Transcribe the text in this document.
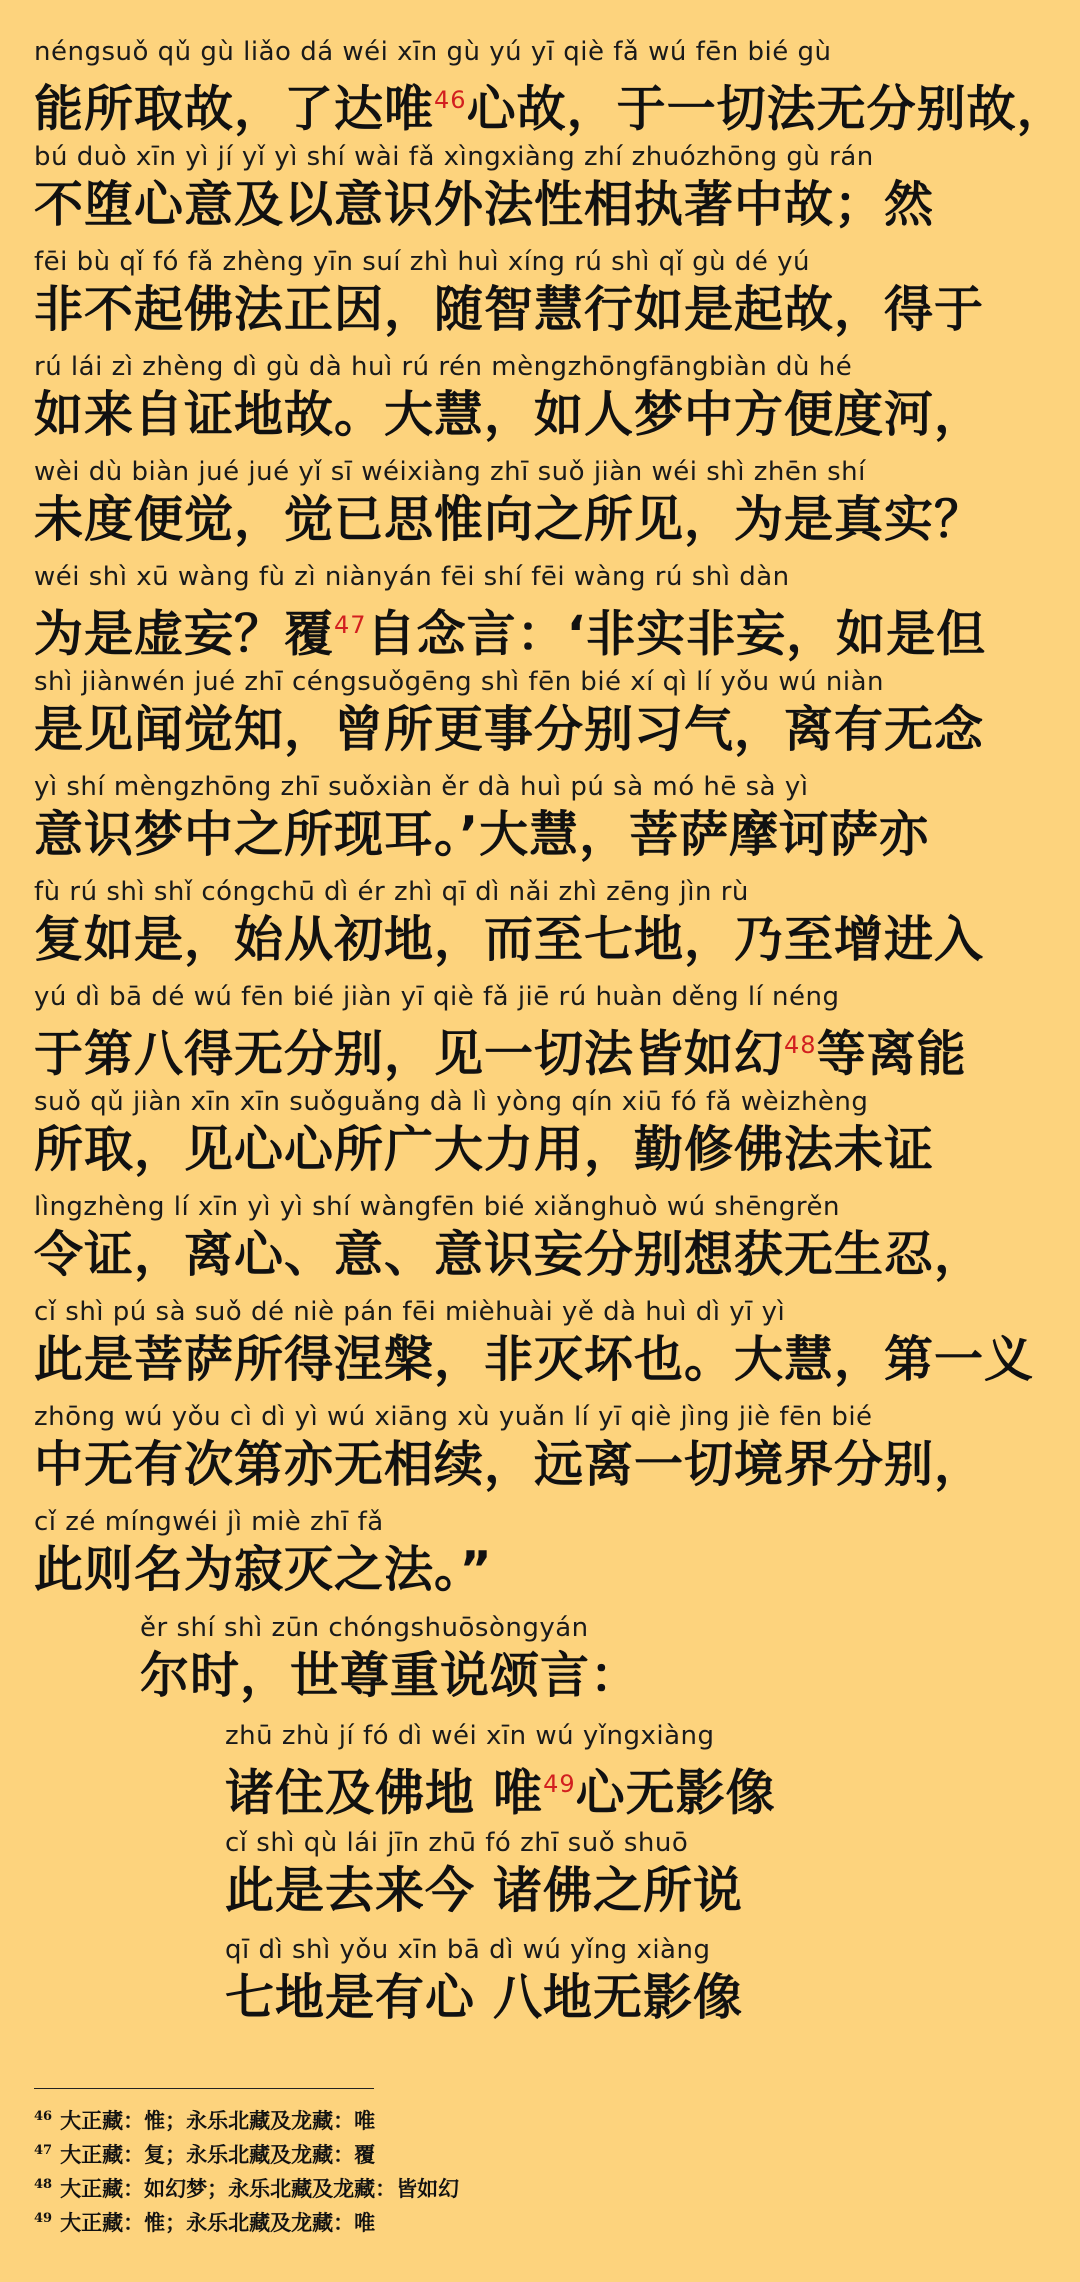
néngsuǒ qǔ gù liǎo dá wéi xīn gù yú yī qiè fǎ wú fēn bié gù
能所取故，了达唯$^{46}$心故，于一切法无分别故，
bú duò xīn yì jí yǐ yì shí wài fǎ xìngxiàng zhí zhuózhōng gù rán
不堕心意及以意识外法性相执著中故；然
fēi bù qǐ fó fǎ zhèng yīn suí zhì huì xíng rú shì qǐ gù dé yú
非不起佛法正因，随智慧行如是起故，得于
rú lái zì zhèng dì gù dà huì rú rén mèngzhōngfāngbiàn dù hé
如来自证地故。大慧，如人梦中方便度河，
wèi dù biàn jué jué yǐ sī wéixiàng zhī suǒ jiàn wéi shì zhēn shí
未度便觉，觉已思惟向之所见，为是真实？
wéi shì xū wàng fù zì niànyán fēi shí fēi wàng rú shì dàn
为是虚妄？覆$^{47}$自念言：‘非实非妄，如是但
shì jiànwén jué zhī céngsuǒgēng shì fēn bié xí qì lí yǒu wú niàn
是见闻觉知，曾所更事分别习气，离有无念
yì shí mèngzhōng zhī suǒxiàn ěr dà huì pú sà mó hē sà yì
意识梦中之所现耳。’大慧，菩萨摩诃萨亦
fù rú shì shǐ cóngchū dì ér zhì qī dì nǎi zhì zēng jìn rù
复如是，始从初地，而至七地，乃至增进入
yú dì bā dé wú fēn bié jiàn yī qiè fǎ jiē rú huàn děng lí néng
于第八得无分别，见一切法皆如幻$^{48}$等离能
suǒ qǔ jiàn xīn xīn suǒguǎng dà lì yòng qín xiū fó fǎ wèizhèng
所取，见心心所广大力用，勤修佛法未证
lìngzhèng lí xīn yì yì shí wàngfēn bié xiǎnghuò wú shēngrěn
令证，离心、意、意识妄分别想获无生忍，
cǐ shì pú sà suǒ dé niè pán fēi mièhuài yě dà huì dì yī yì
此是菩萨所得涅槃，非灭坏也。大慧，第一义
zhōng wú yǒu cì dì yì wú xiāng xù yuǎn lí yī qiè jìng jiè fēn bié
中无有次第亦无相续，远离一切境界分别，
cǐ zé míngwéi jì miè zhī fǎ
此则名为寂灭之法。”
ěr shí shì zūn chóngshuōsòngyán
尔时，世尊重说颂言：
zhū zhù jí fó dì wéi xīn wú yǐngxiàng
诸住及佛地 唯$^{49}$心无影像
cǐ shì qù lái jīn zhū fó zhī suǒ shuō
此是去来今 诸佛之所说
qī dì shì yǒu xīn bā dì wú yǐng xiàng
七地是有心 八地无影像
$^{46}$ 大正藏：惟；永乐北藏及龙藏：唯
$^{47}$ 大正藏：复；永乐北藏及龙藏：覆
$^{48}$ 大正藏：如幻梦；永乐北藏及龙藏：皆如幻
$^{49}$ 大正藏：惟；永乐北藏及龙藏：唯
